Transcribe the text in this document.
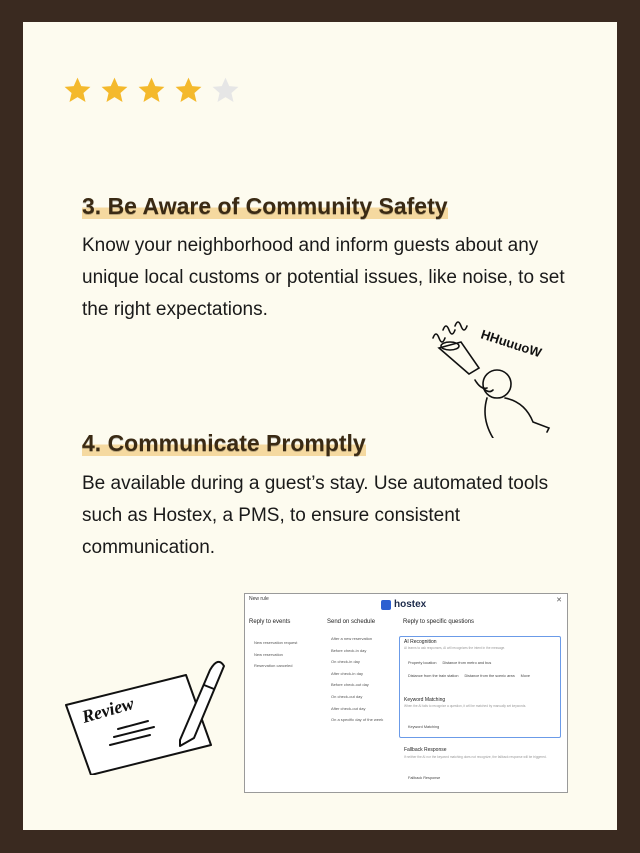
3. Be Aware of Community Safety
Know your neighborhood and inform guests about any unique local customs or potential issues, like noise, to set the right expectations.
HHuuuoW
4. Communicate Promptly
Be available during a guest’s stay. Use automated tools such as Hostex, a PMS, to ensure consistent communication.
Review
New rule	✕
hostex
Reply to events	Send on schedule	Reply to specific questions
New reservation request
New reservation
Reservation canceled
After a new reservation
Before check-in day
On check-in day
After check-in day
Before check-out day
On check-out day
After check-out day
On a specific day of the week
AI Recognition
AI learns to ask responses, AI will recognizes the intent in the message.
Property location Distance from metro and bus
Distance from the train station Distance from the scenic area Move
Keyword Matching
When the AI fails to recognize a question, it will be matched by manually set keywords.
Keyword Matching
Fallback Response
If neither the AI nor the keyword matching does not recognize, the fallback response will be triggered.
Fallback Response
